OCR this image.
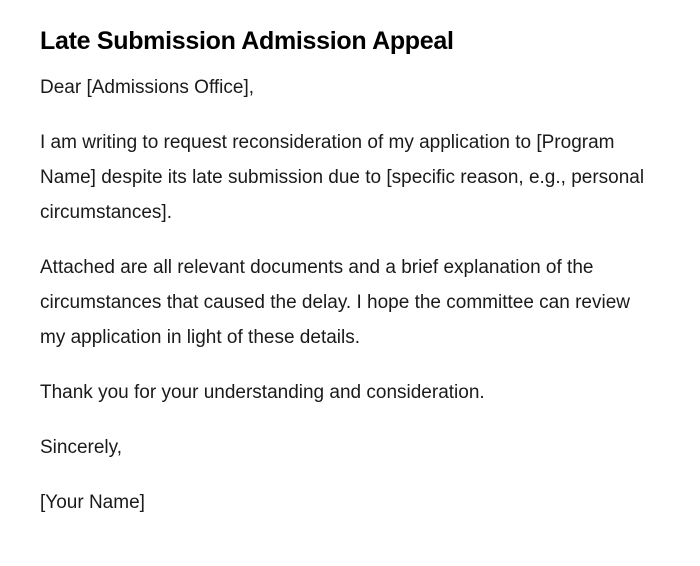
Late Submission Admission Appeal

Dear [Admissions Office],

I am writing to request reconsideration of my application to [Program Name] despite its late submission due to [specific reason, e.g., personal circumstances].

Attached are all relevant documents and a brief explanation of the circumstances that caused the delay. I hope the committee can review my application in light of these details.

Thank you for your understanding and consideration.

Sincerely,

[Your Name]
